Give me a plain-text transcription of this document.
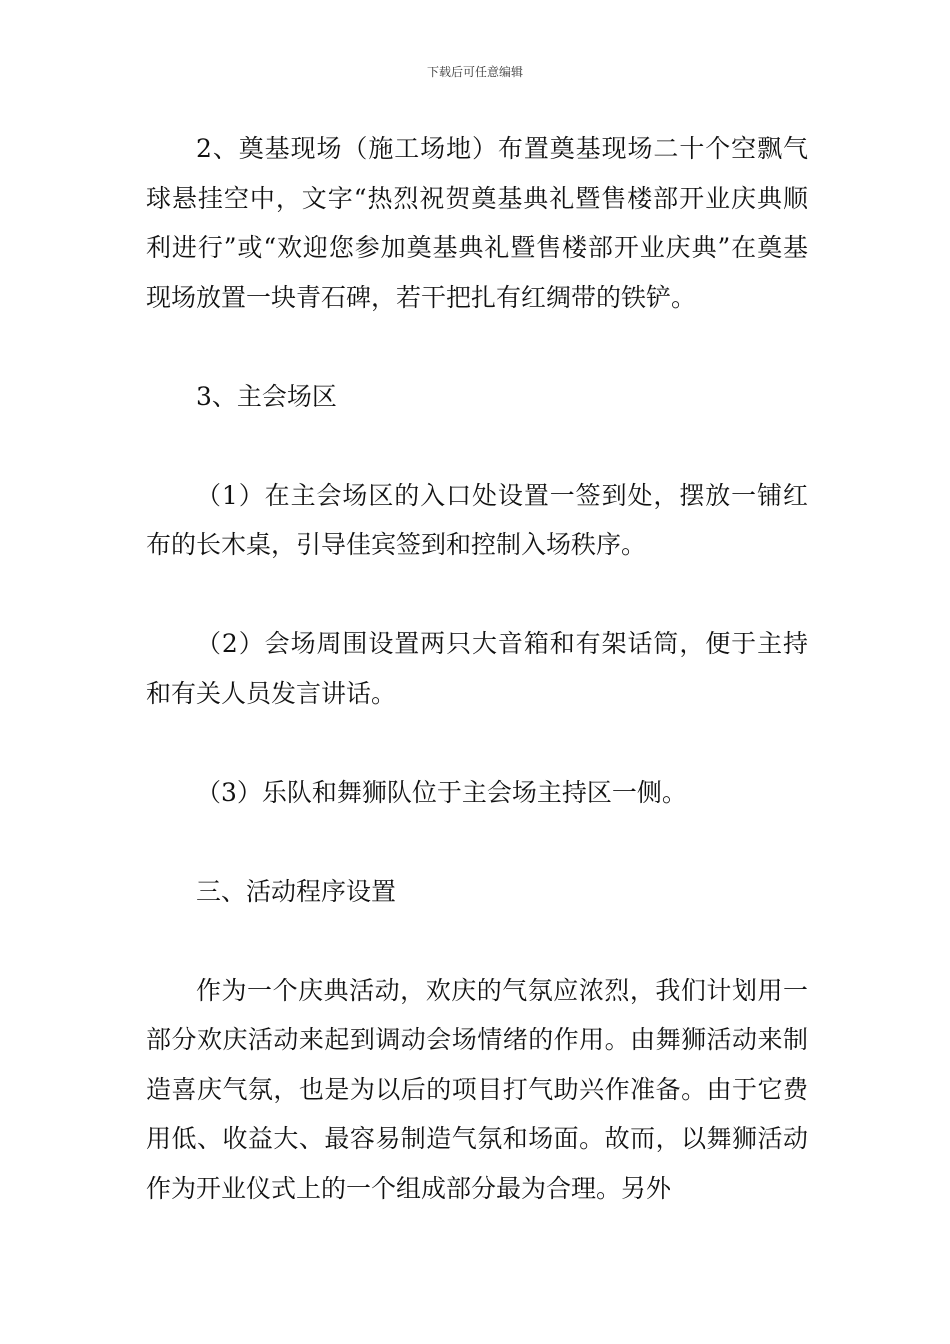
下载后可任意编辑

2、奠基现场（施工场地）布置奠基现场二十个空飘气球悬挂空中，文字“热烈祝贺奠基典礼暨售楼部开业庆典顺利进行”或“欢迎您参加奠基典礼暨售楼部开业庆典”在奠基现场放置一块青石碑，若干把扎有红绸带的铁铲。

3、主会场区

（1）在主会场区的入口处设置一签到处，摆放一铺红布的长木桌，引导佳宾签到和控制入场秩序。

（2）会场周围设置两只大音箱和有架话筒，便于主持和有关人员发言讲话。

（3）乐队和舞狮队位于主会场主持区一侧。

三、活动程序设置

作为一个庆典活动，欢庆的气氛应浓烈，我们计划用一部分欢庆活动来起到调动会场情绪的作用。由舞狮活动来制造喜庆气氛，也是为以后的项目打气助兴作准备。由于它费用低、收益大、最容易制造气氛和场面。故而，以舞狮活动作为开业仪式上的一个组成部分最为合理。另外
